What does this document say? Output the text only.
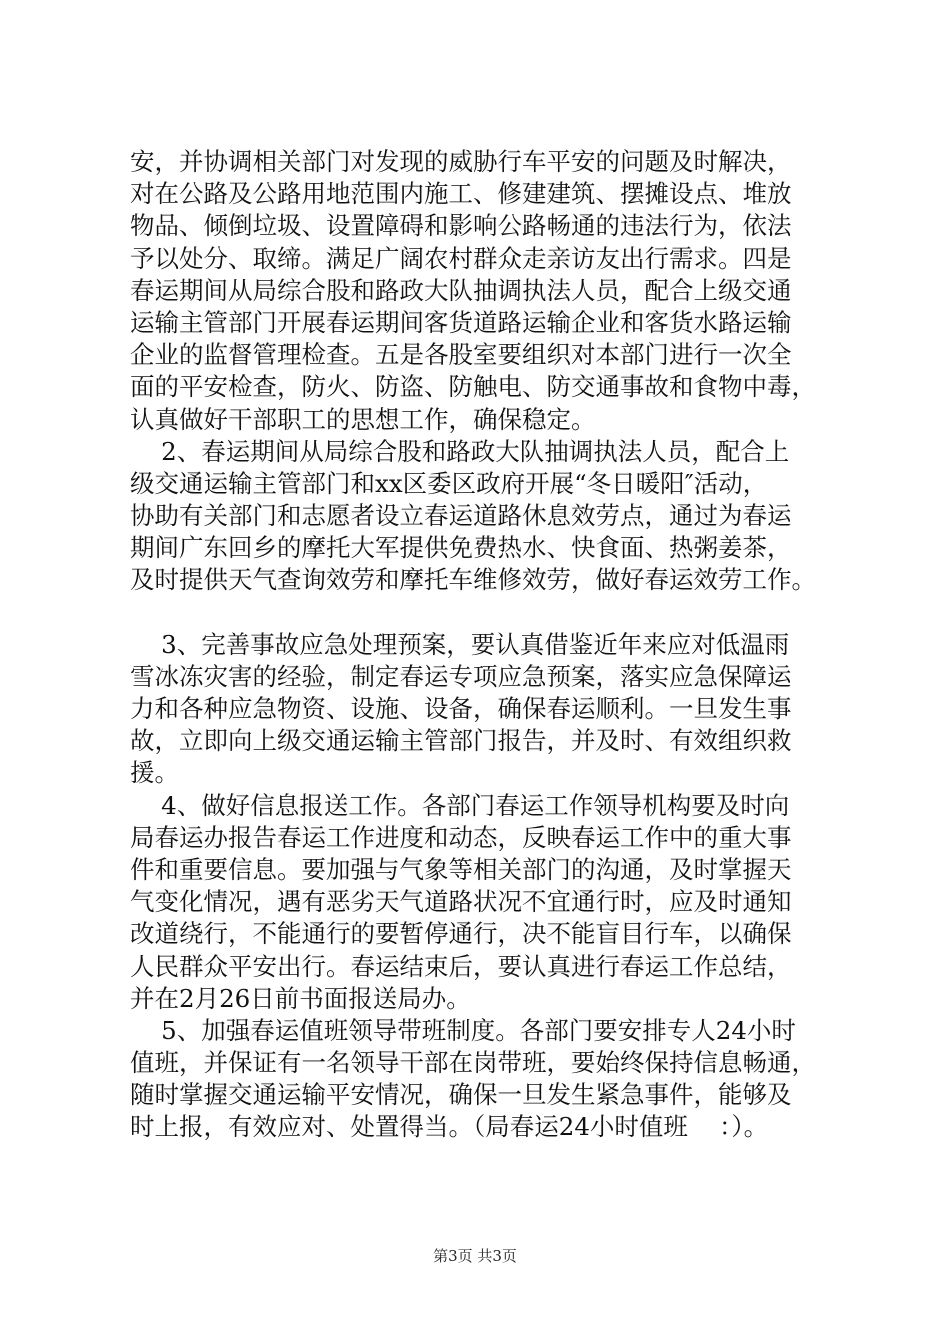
安，并协调相关部门对发现的威胁行车平安的问题及时解决，
对在公路及公路用地范围内施工、修建建筑、摆摊设点、堆放
物品、倾倒垃圾、设置障碍和影响公路畅通的违法行为，依法
予以处分、取缔。满足广阔农村群众走亲访友出行需求。四是
春运期间从局综合股和路政大队抽调执法人员，配合上级交通
运输主管部门开展春运期间客货道路运输企业和客货水路运输
企业的监督管理检查。五是各股室要组织对本部门进行一次全
面的平安检查，防火、防盗、防触电、防交通事故和食物中毒，
认真做好干部职工的思想工作，确保稳定。
2、春运期间从局综合股和路政大队抽调执法人员，配合上
级交通运输主管部门和xx区委区政府开展“冬日暖阳″活动，
协助有关部门和志愿者设立春运道路休息效劳点，通过为春运
期间广东回乡的摩托大军提供免费热水、快食面、热粥姜茶，
及时提供天气查询效劳和摩托车维修效劳，做好春运效劳工作。
3、完善事故应急处理预案，要认真借鉴近年来应对低温雨
雪冰冻灾害的经验，制定春运专项应急预案，落实应急保障运
力和各种应急物资、设施、设备，确保春运顺利。一旦发生事
故，立即向上级交通运输主管部门报告，并及时、有效组织救
援。
4、做好信息报送工作。各部门春运工作领导机构要及时向
局春运办报告春运工作进度和动态，反映春运工作中的重大事
件和重要信息。要加强与气象等相关部门的沟通，及时掌握天
气变化情况，遇有恶劣天气道路状况不宜通行时，应及时通知
改道绕行，不能通行的要暂停通行，决不能盲目行车，以确保
人民群众平安出行。春运结束后，要认真进行春运工作总结，
并在2月26日前书面报送局办。
5、加强春运值班领导带班制度。各部门要安排专人24小时
值班，并保证有一名领导干部在岗带班，要始终保持信息畅通，
随时掌握交通运输平安情况，确保一旦发生紧急事件，能够及
时上报，有效应对、处置得当。（局春运24小时值班    ：）。
第3页 共3页
